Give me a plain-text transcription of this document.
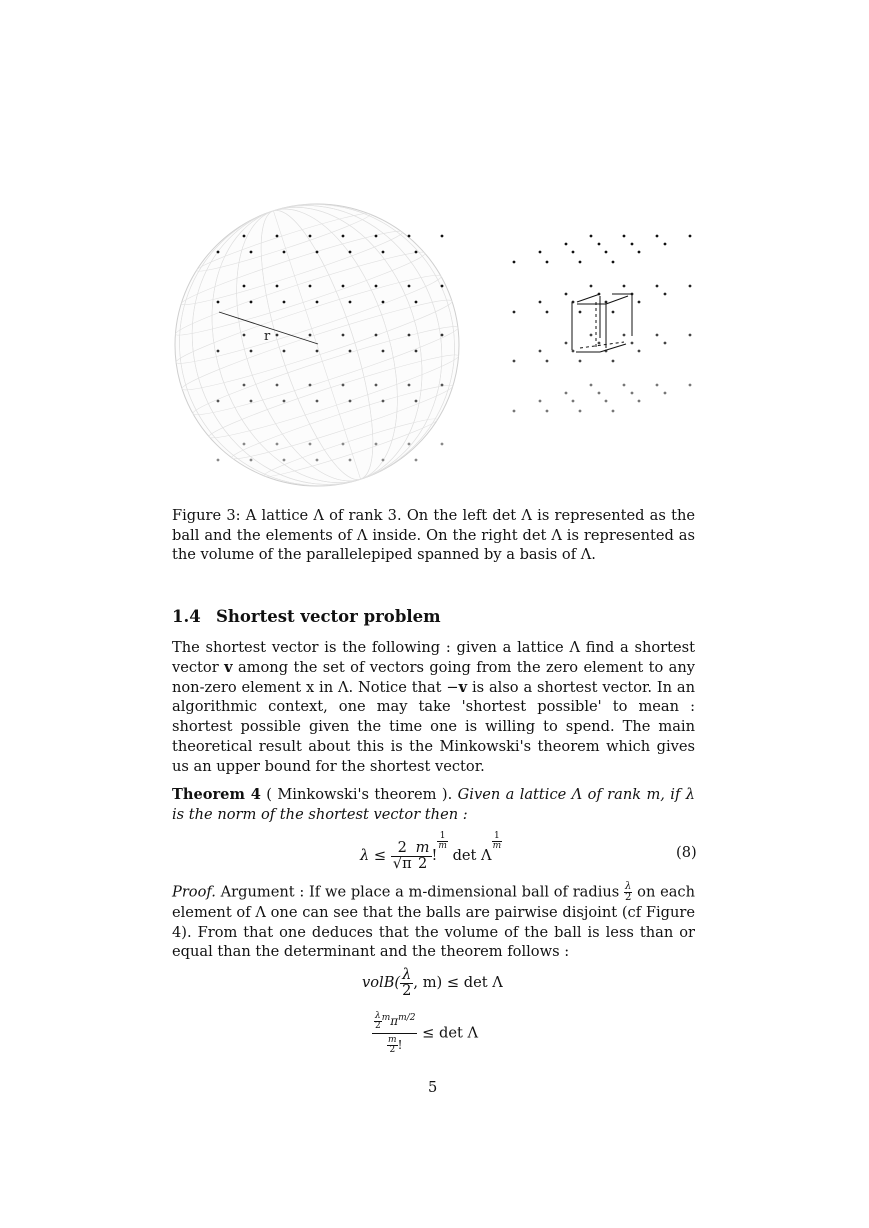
r
Figure 3: A lattice Λ of rank 3. On the left det Λ is represented as the ball and the elements of Λ inside. On the right det Λ is represented as the volume of the parallelepiped spanned by a basis of Λ.
1.4 Shortest vector problem
The shortest vector is the following : given a lattice Λ find a shortest vector v among the set of vectors going from the zero element to any non-zero element x in Λ. Notice that −v is also a shortest vector. In an algorithmic context, one may take 'shortest possible' to mean : shortest possible given the time one is willing to spend. The main theoretical result about this is the Minkowski's theorem which gives us an upper bound for the shortest vector.
Theorem 4 ( Minkowski's theorem ). Given a lattice Λ of rank m, if λ is the norm of the shortest vector then :
$\lambda \le \frac{2}{√\pi} \frac{m}{2}$ !
$\frac{1}{m}$
det Λ
$\frac{1}{m}$
(8)
Proof. Argument : If we place a m-dimensional ball of radius $\frac{\lambda}{2}$ on each element of Λ one can see that the balls are pairwise disjoint (cf Figure 4). From that one deduces that the volume of the ball is less than or equal than the determinant and the theorem follows :
volB( $\frac{\lambda}{2}$ , m) ≤ det Λ
$\frac{\frac{\lambda}{2} ^m\pi^{m/2}}{\frac{m}{2} !} \le \det \Lambda$
5
